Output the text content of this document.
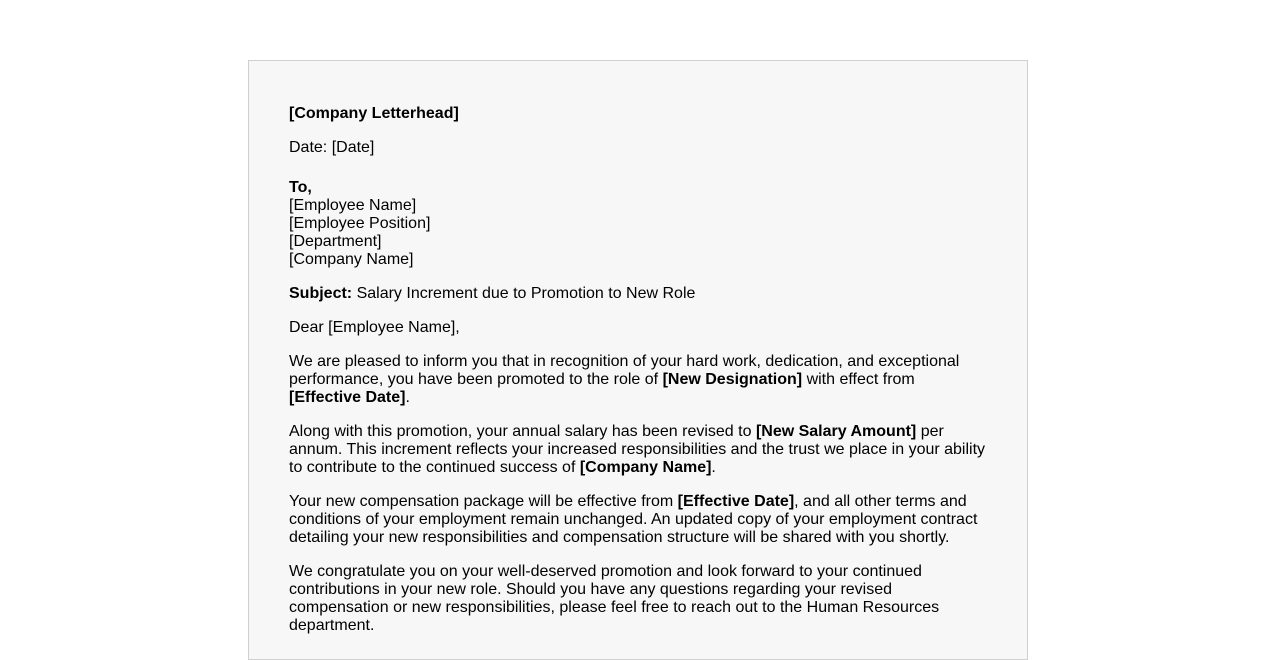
[Company Letterhead]

Date: [Date]

To,
[Employee Name]
[Employee Position]
[Department]
[Company Name]

Subject: Salary Increment due to Promotion to New Role

Dear [Employee Name],

We are pleased to inform you that in recognition of your hard work, dedication, and exceptional performance, you have been promoted to the role of [New Designation] with effect from [Effective Date].

Along with this promotion, your annual salary has been revised to [New Salary Amount] per annum. This increment reflects your increased responsibilities and the trust we place in your ability to contribute to the continued success of [Company Name].

Your new compensation package will be effective from [Effective Date], and all other terms and conditions of your employment remain unchanged. An updated copy of your employment contract detailing your new responsibilities and compensation structure will be shared with you shortly.

We congratulate you on your well-deserved promotion and look forward to your continued contributions in your new role. Should you have any questions regarding your revised compensation or new responsibilities, please feel free to reach out to the Human Resources department.
